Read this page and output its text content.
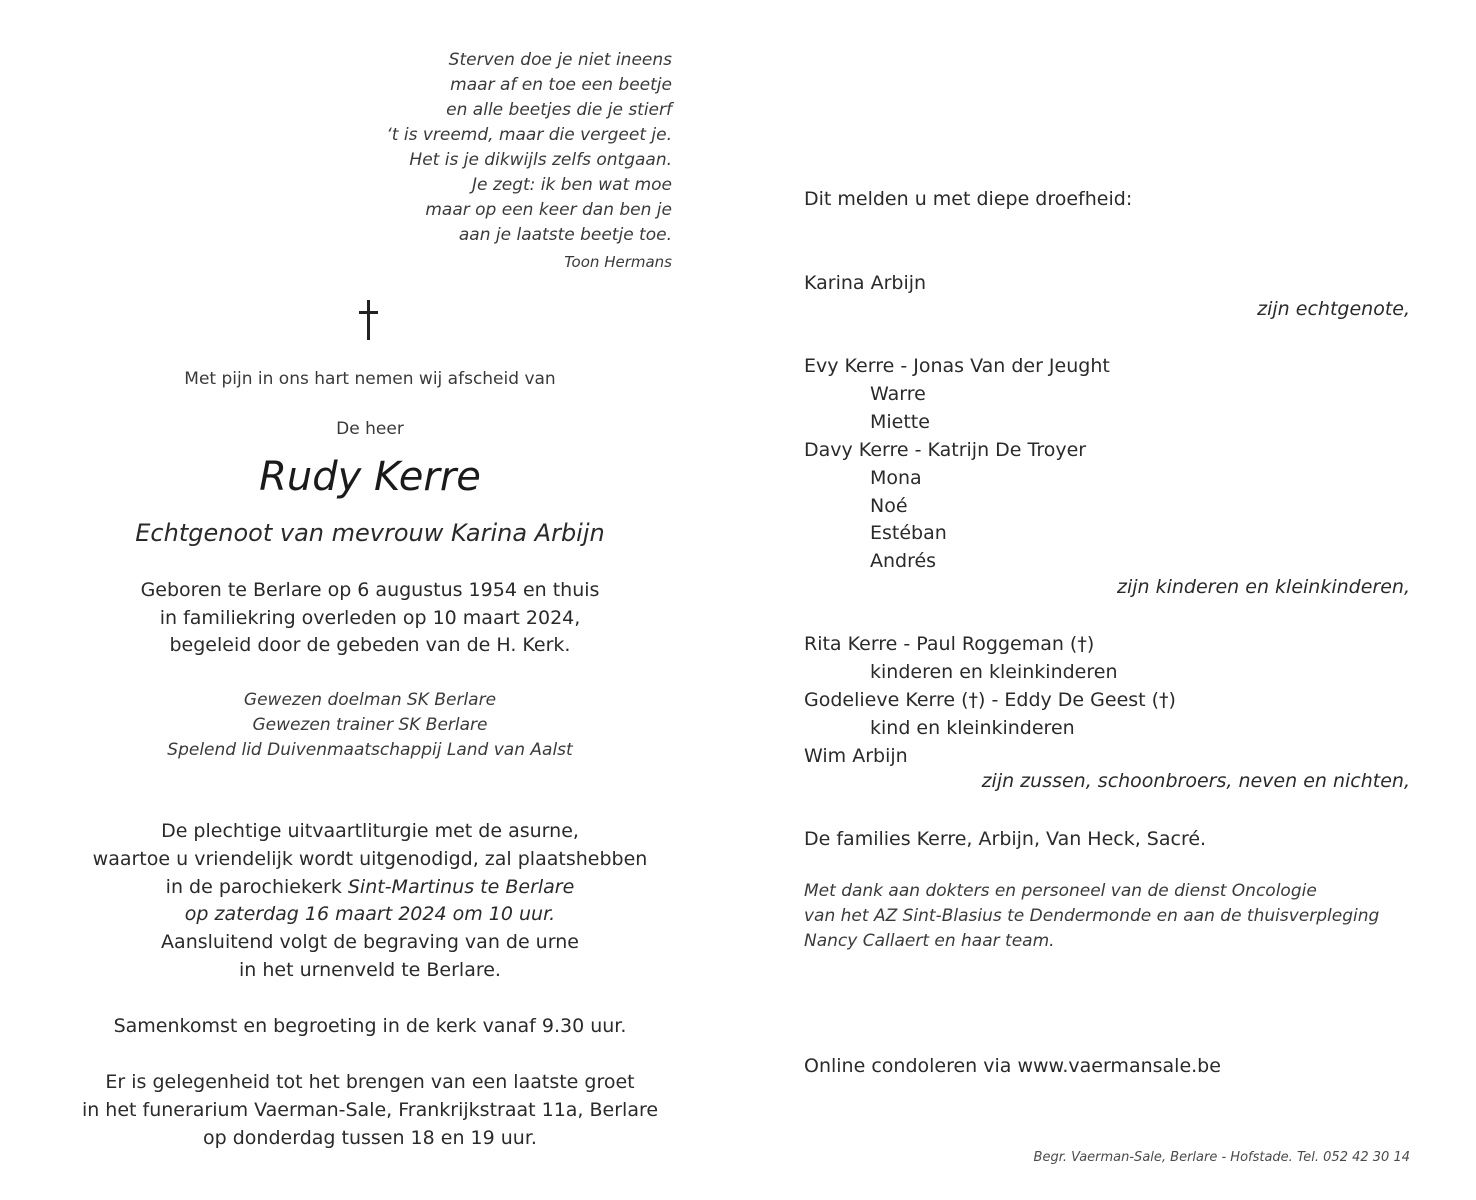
Sterven doe je niet ineens
maar af en toe een beetje
en alle beetjes die je stierf
‘t is vreemd, maar die vergeet je.
Het is je dikwijls zelfs ontgaan.
Je zegt: ik ben wat moe
maar op een keer dan ben je
aan je laatste beetje toe.
Toon Hermans
Met pijn in ons hart nemen wij afscheid van
De heer
Rudy Kerre
Echtgenoot van mevrouw Karina Arbijn
Geboren te Berlare op 6 augustus 1954 en thuis
in familiekring overleden op 10 maart 2024,
begeleid door de gebeden van de H. Kerk.
Gewezen doelman SK Berlare
Gewezen trainer SK Berlare
Spelend lid Duivenmaatschappij Land van Aalst
De plechtige uitvaartliturgie met de asurne,
waartoe u vriendelijk wordt uitgenodigd, zal plaatshebben
in de parochiekerk Sint-Martinus te Berlare
op zaterdag 16 maart 2024 om 10 uur.
Aansluitend volgt de begraving van de urne
in het urnenveld te Berlare.
Samenkomst en begroeting in de kerk vanaf 9.30 uur.
Er is gelegenheid tot het brengen van een laatste groet
in het funerarium Vaerman-Sale, Frankrijkstraat 11a, Berlare
op donderdag tussen 18 en 19 uur.
Dit melden u met diepe droefheid:
Karina Arbijn
zijn echtgenote,
Evy Kerre - Jonas Van der Jeught
Warre
Miette
Davy Kerre - Katrijn De Troyer
Mona
Noé
Estéban
Andrés
zijn kinderen en kleinkinderen,
Rita Kerre - Paul Roggeman (†)
kinderen en kleinkinderen
Godelieve Kerre (†) - Eddy De Geest (†)
kind en kleinkinderen
Wim Arbijn
zijn zussen, schoonbroers, neven en nichten,
De families Kerre, Arbijn, Van Heck, Sacré.
Met dank aan dokters en personeel van de dienst Oncologie
van het AZ Sint-Blasius te Dendermonde en aan de thuisverpleging
Nancy Callaert en haar team.
Online condoleren via www.vaermansale.be
Begr. Vaerman-Sale, Berlare - Hofstade. Tel. 052 42 30 14
